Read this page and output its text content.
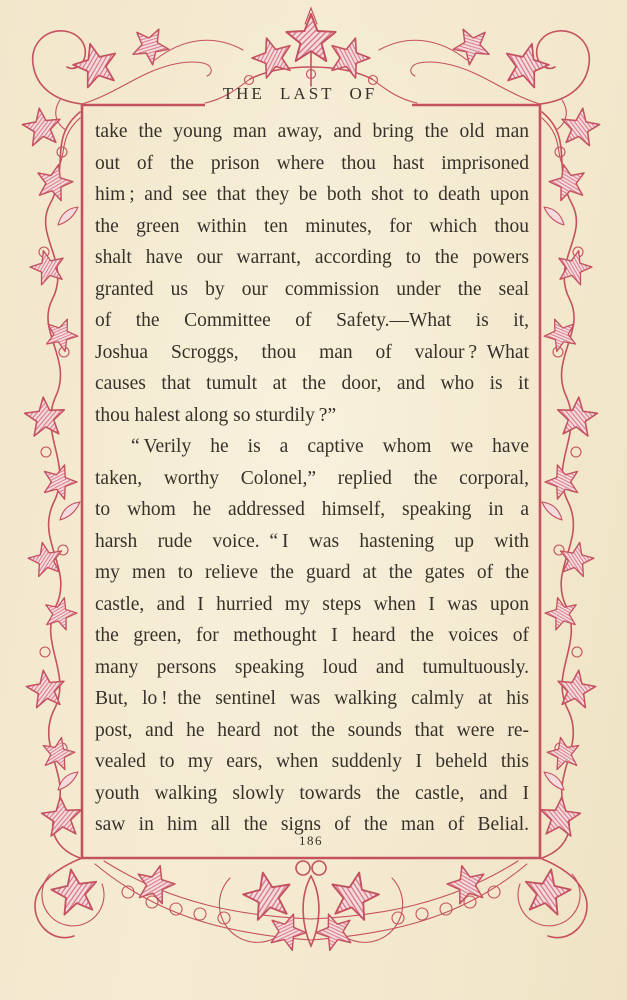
THE LAST OF
take the young man away, and bring the old man
out of the prison where thou hast imprisoned
him ; and see that they be both shot to death upon
the green within ten minutes, for which thou
shalt have our warrant, according to the powers
granted us by our commission under the seal
of the Committee of Safety.—What is it,
Joshua Scroggs, thou man of valour ? What
causes that tumult at the door, and who is it
thou halest along so sturdily ?”
“ Verily he is a captive whom we have
taken, worthy Colonel,” replied the corporal,
to whom he addressed himself, speaking in a
harsh rude voice. “ I was hastening up with
my men to relieve the guard at the gates of the
castle, and I hurried my steps when I was upon
the green, for methought I heard the voices of
many persons speaking loud and tumultuously.
But, lo ! the sentinel was walking calmly at his
post, and he heard not the sounds that were re-
vealed to my ears, when suddenly I beheld this
youth walking slowly towards the castle, and I
saw in him all the signs of the man of Belial.
186
